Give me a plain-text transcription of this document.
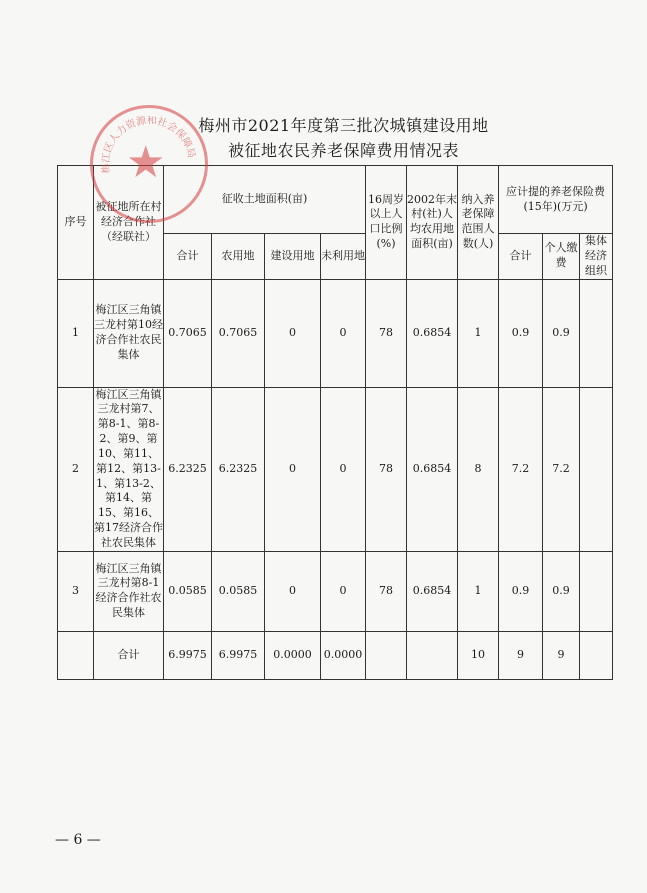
梅州市2021年度第三批次城镇建设用地
被征地农民养老保障费用情况表
序号	被征地所在村经济合作社（经联社）	征收土地面积(亩)				16周岁以上人口比例(%)	2002年末村(社)人均农用地面积(亩)	纳入养老保障范围人数(人)	应计提的养老保险费(15年)(万元)		
		合计	农用地	建设用地	未利用地				合计	个人缴费	集体经济组织
1	梅江区三角镇三龙村第10经济合作社农民集体	0.7065	0.7065	0	0	78	0.6854	1	0.9	0.9	
2	梅江区三角镇三龙村第7、第8-1、第8-2、第9、第10、第11、第12、第13-1、第13-2、第14、第15、第16、第17经济合作社农民集体	6.2325	6.2325	0	0	78	0.6854	8	7.2	7.2	
3	梅江区三角镇三龙村第8-1经济合作社农民集体	0.0585	0.0585	0	0	78	0.6854	1	0.9	0.9	
	合计	6.9975	6.9975	0.0000	0.0000			10	9	9	
梅江区人力资源和社会保障局
★
— 6 —
